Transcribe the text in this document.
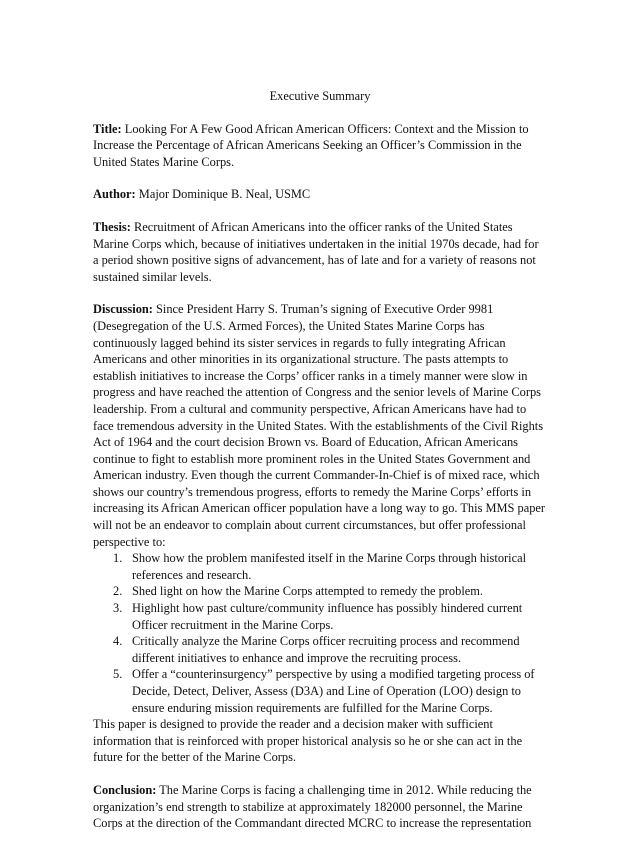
Executive Summary

Title: Looking For A Few Good African American Officers: Context and the Mission to Increase the Percentage of African Americans Seeking an Officer’s Commission in the United States Marine Corps.

Author: Major Dominique B. Neal, USMC

Thesis: Recruitment of African Americans into the officer ranks of the United States Marine Corps which, because of initiatives undertaken in the initial 1970s decade, had for a period shown positive signs of advancement, has of late and for a variety of reasons not sustained similar levels.

Discussion: Since President Harry S. Truman’s signing of Executive Order 9981 (Desegregation of the U.S. Armed Forces), the United States Marine Corps has continuously lagged behind its sister services in regards to fully integrating African Americans and other minorities in its organizational structure. The pasts attempts to establish initiatives to increase the Corps’ officer ranks in a timely manner were slow in progress and have reached the attention of Congress and the senior levels of Marine Corps leadership. From a cultural and community perspective, African Americans have had to face tremendous adversity in the United States. With the establishments of the Civil Rights Act of 1964 and the court decision Brown vs. Board of Education, African Americans continue to fight to establish more prominent roles in the United States Government and American industry. Even though the current Commander-In-Chief is of mixed race, which shows our country’s tremendous progress, efforts to remedy the Marine Corps’ efforts in increasing its African American officer population have a long way to go. This MMS paper will not be an endeavor to complain about current circumstances, but offer professional perspective to:

1. Show how the problem manifested itself in the Marine Corps through historical references and research.
2. Shed light on how the Marine Corps attempted to remedy the problem.
3. Highlight how past culture/community influence has possibly hindered current Officer recruitment in the Marine Corps.
4. Critically analyze the Marine Corps officer recruiting process and recommend different initiatives to enhance and improve the recruiting process.
5. Offer a “counterinsurgency” perspective by using a modified targeting process of Decide, Detect, Deliver, Assess (D3A) and Line of Operation (LOO) design to ensure enduring mission requirements are fulfilled for the Marine Corps.

This paper is designed to provide the reader and a decision maker with sufficient information that is reinforced with proper historical analysis so he or she can act in the future for the better of the Marine Corps.

Conclusion: The Marine Corps is facing a challenging time in 2012. While reducing the organization’s end strength to stabilize at approximately 182000 personnel, the Marine Corps at the direction of the Commandant directed MCRC to increase the representation
